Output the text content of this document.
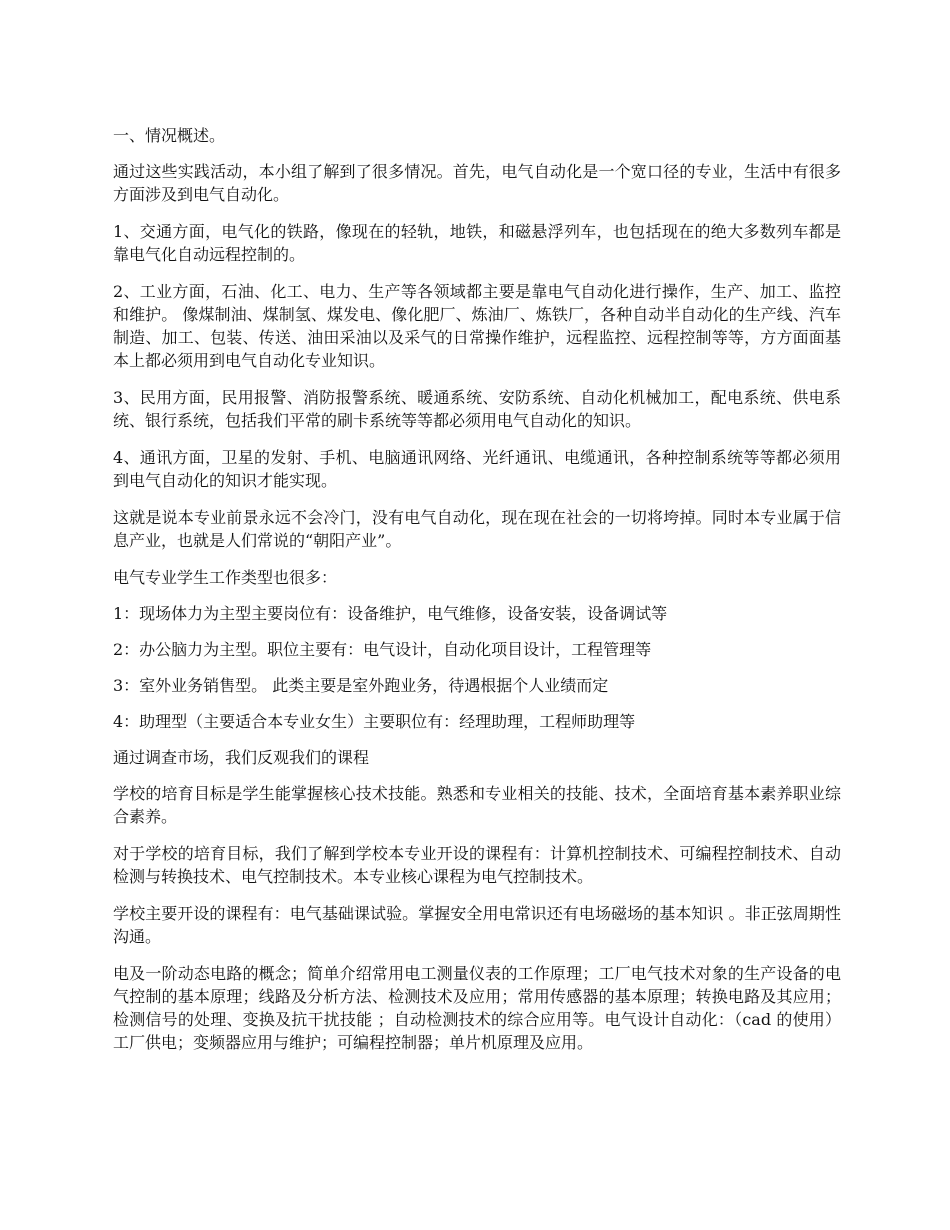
一、情况概述。

通过这些实践活动，本小组了解到了很多情况。首先，电气自动化是一个宽口径的专业，生活中有很多方面涉及到电气自动化。

1、交通方面，电气化的铁路，像现在的轻轨，地铁，和磁悬浮列车，也包括现在的绝大多数列车都是靠电气化自动远程控制的。

2、工业方面，石油、化工、电力、生产等各领域都主要是靠电气自动化进行操作，生产、加工、监控和维护。 像煤制油、煤制氢、煤发电、像化肥厂、炼油厂、炼铁厂，各种自动半自动化的生产线、汽车制造、加工、包装、传送、油田采油以及采气的日常操作维护，远程监控、远程控制等等，方方面面基本上都必须用到电气自动化专业知识。

3、民用方面，民用报警、消防报警系统、暖通系统、安防系统、自动化机械加工，配电系统、供电系统、银行系统，包括我们平常的刷卡系统等等都必须用电气自动化的知识。

4、通讯方面，卫星的发射、手机、电脑通讯网络、光纤通讯、电缆通讯，各种控制系统等等都必须用到电气自动化的知识才能实现。

这就是说本专业前景永远不会冷门，没有电气自动化，现在现在社会的一切将垮掉。同时本专业属于信息产业，也就是人们常说的“朝阳产业”。

电气专业学生工作类型也很多：

1：现场体力为主型主要岗位有：设备维护，电气维修，设备安装，设备调试等

2：办公脑力为主型。职位主要有：电气设计，自动化项目设计，工程管理等

3：室外业务销售型。 此类主要是室外跑业务，待遇根据个人业绩而定

4：助理型（主要适合本专业女生）主要职位有：经理助理，工程师助理等

通过调查市场，我们反观我们的课程

学校的培育目标是学生能掌握核心技术技能。熟悉和专业相关的技能、技术，全面培育基本素养职业综合素养。

对于学校的培育目标，我们了解到学校本专业开设的课程有：计算机控制技术、可编程控制技术、自动检测与转换技术、电气控制技术。本专业核心课程为电气控制技术。

学校主要开设的课程有：电气基础课试验。掌握安全用电常识还有电场磁场的基本知识 。非正弦周期性沟通。

电及一阶动态电路的概念；简单介绍常用电工测量仪表的工作原理；工厂电气技术对象的生产设备的电气控制的基本原理；线路及分析方法、检测技术及应用；常用传感器的基本原理；转换电路及其应用；检测信号的处理、变换及抗干扰技能 ；自动检测技术的综合应用等。电气设计自动化：（cad 的使用）工厂供电；变频器应用与维护；可编程控制器；单片机原理及应用。
